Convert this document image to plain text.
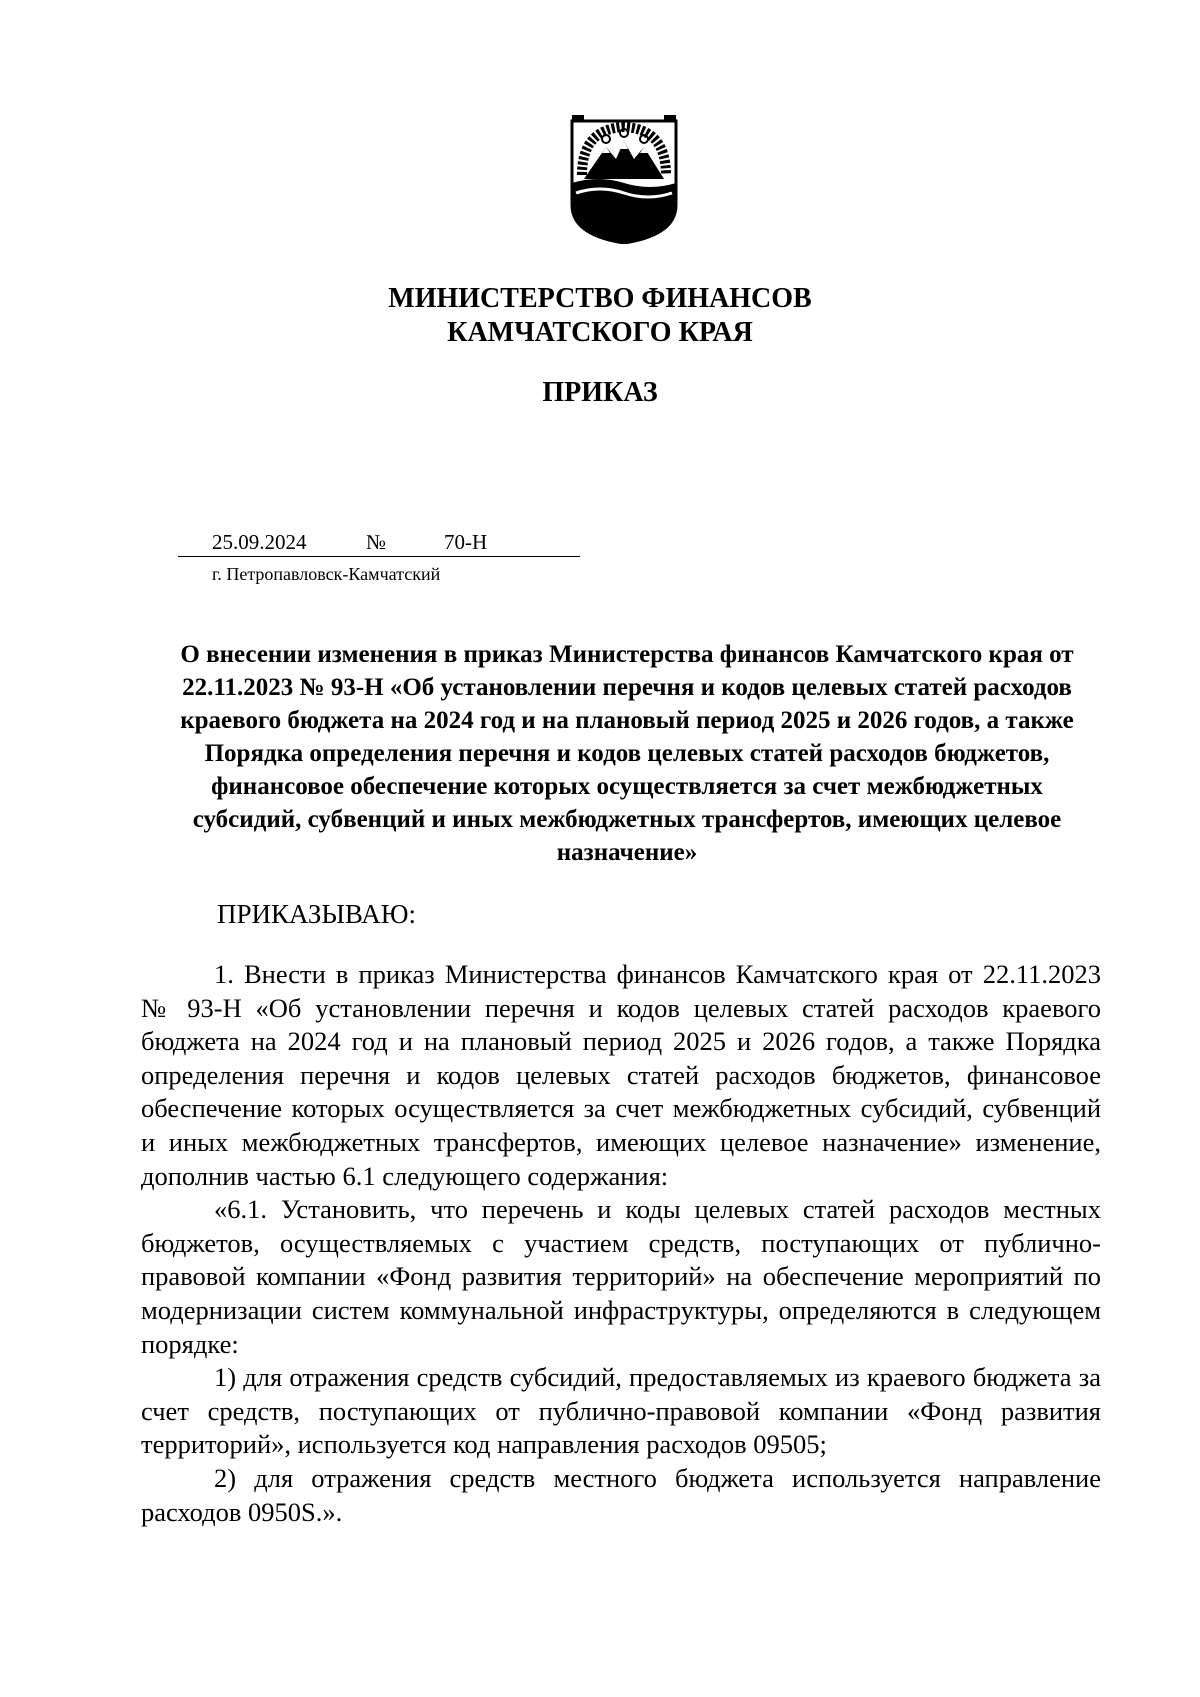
МИНИСТЕРСТВО ФИНАНСОВ
КАМЧАТСКОГО КРАЯ
ПРИКАЗ
25.09.2024	№	70-Н
г. Петропавловск-Камчатский
О внесении изменения в приказ Министерства финансов Камчатского края от 22.11.2023 № 93-Н «Об установлении перечня и кодов целевых статей расходов краевого бюджета на 2024 год и на плановый период 2025 и 2026 годов, а также Порядка определения перечня и кодов целевых статей расходов бюджетов, финансовое обеспечение которых осуществляется за счет межбюджетных субсидий, субвенций и иных межбюджетных трансфертов, имеющих целевое назначение»
ПРИКАЗЫВАЮ:

1. Внести в приказ Министерства финансов Камчатского края от 22.11.2023 № 93-Н «Об установлении перечня и кодов целевых статей расходов краевого бюджета на 2024 год и на плановый период 2025 и 2026 годов, а также Порядка определения перечня и кодов целевых статей расходов бюджетов, финансовое обеспечение которых осуществляется за счет межбюджетных субсидий, субвенций и иных межбюджетных трансфертов, имеющих целевое назначение» изменение, дополнив частью 6.1 следующего содержания:

«6.1. Установить, что перечень и коды целевых статей расходов местных бюджетов, осуществляемых с участием средств, поступающих от публично-правовой компании «Фонд развития территорий» на обеспечение мероприятий по модернизации систем коммунальной инфраструктуры, определяются в следующем порядке:

1) для отражения средств субсидий, предоставляемых из краевого бюджета за счет средств, поступающих от публично-правовой компании «Фонд развития территорий», используется код направления расходов 09505;

2) для отражения средств местного бюджета используется направление расходов 0950S.».
